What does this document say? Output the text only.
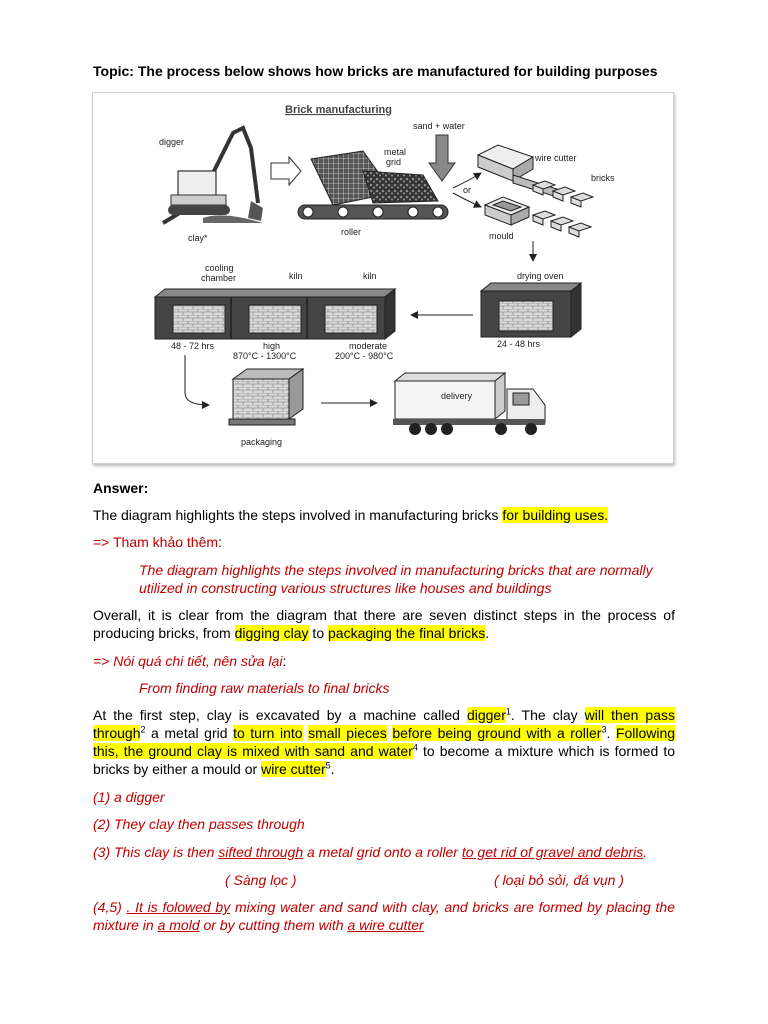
Topic: The process below shows how bricks are manufactured for building purposes
Brick manufacturing
digger
clay*
metal
grid
roller
sand + water
or
wire cutter
bricks
mould
drying oven
24 - 48 hrs
cooling
chamber	kiln	kiln
48 - 72 hrs	high
870°C - 1300°C
moderate
200°C - 980°C
packaging
delivery
Answer:
The diagram highlights the steps involved in manufacturing bricks for building uses.
=> Tham khảo thêm:
The diagram highlights the steps involved in manufacturing bricks that are normally utilized in constructing various structures like houses and buildings
Overall, it is clear from the diagram that there are seven distinct steps in the process of producing bricks, from digging clay to packaging the final bricks.
=> Nói quá chi tiết, nên sửa lại:
From finding raw materials to final bricks
At the first step, clay is excavated by a machine called digger$^1$. The clay will then pass through$^2$ a metal grid to turn into small pieces before being ground with a roller$^3$. Following this, the ground clay is mixed with sand and water$^4$ to become a mixture which is formed to bricks by either a mould or wire cutter$^5$.
(1) a digger
(2) They clay then passes through
(3) This clay is then sifted through a metal grid onto a roller to get rid of gravel and debris.
( Sàng lọc )	( loại bỏ sỏi, đá vụn )
(4,5) . It is folowed by mixing water and sand with clay, and bricks are formed by placing the mixture in a mold or by cutting them with a wire cutter
